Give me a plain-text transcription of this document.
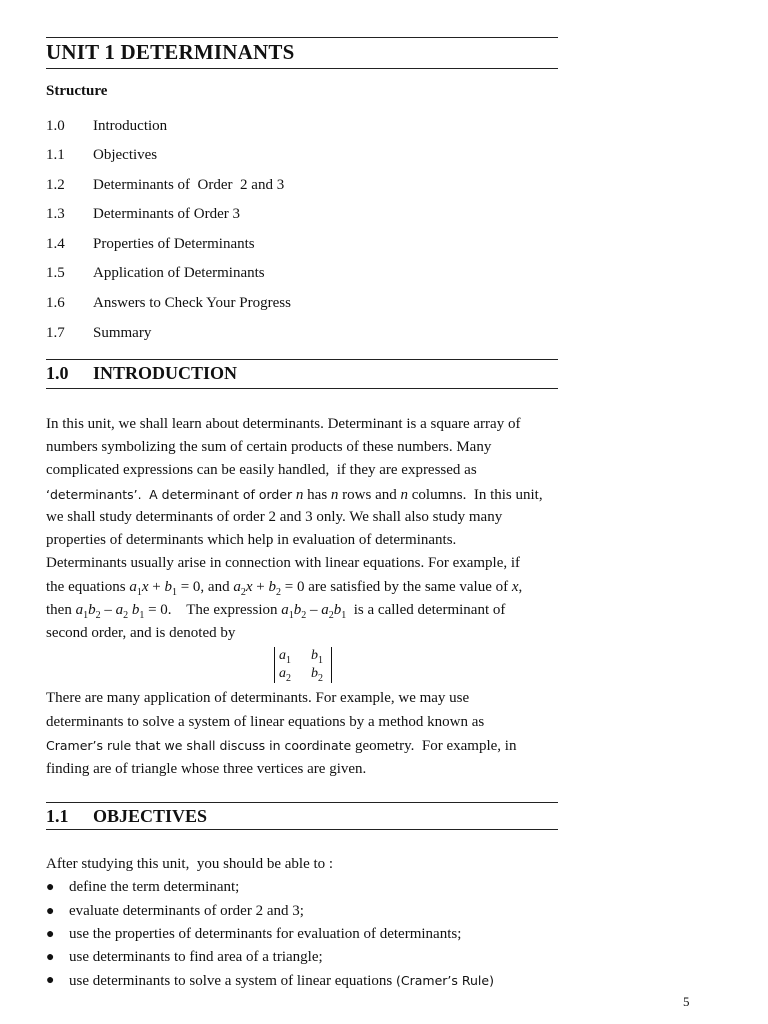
UNIT 1 DETERMINANTS
Structure
1.0 Introduction
1.1 Objectives
1.2 Determinants of  Order  2 and 3
1.3 Determinants of Order 3
1.4 Properties of Determinants
1.5 Application of Determinants
1.6 Answers to Check Your Progress
1.7 Summary
1.0 INTRODUCTION
In this unit, we shall learn about determinants. Determinant is a square array of
numbers symbolizing the sum of certain products of these numbers. Many
complicated expressions can be easily handled,  if they are expressed as
‘determinants’. A determinant of order n has n rows and n columns.  In this unit,
we shall study determinants of order 2 and 3 only. We shall also study many
properties of determinants which help in evaluation of determinants.
Determinants usually arise in connection with linear equations. For example, if
the equations $a_1x + b_1 = 0$, and $a_2x + b_2 = 0$ are satisfied by the same value of x,
then $a_1b_2 - a_2$ $b_1 = 0$.    The expression $a_1b_2 - a_2b_1$  is a called determinant of
second order, and is denoted by
$a_1$ $b_1$
$a_2$ $b_2$
There are many application of determinants. For example, we may use
determinants to solve a system of linear equations by a method known as
Cramer’s rule that we shall discuss in coordinate geometry.  For example, in
finding are of triangle whose three vertices are given.
1.1 OBJECTIVES
After studying this unit,  you should be able to :
● define the term determinant;
● evaluate determinants of order 2 and 3;
● use the properties of determinants for evaluation of determinants;
● use determinants to find area of a triangle;
● use determinants to solve a system of linear equations (Cramer’s Rule)
5
